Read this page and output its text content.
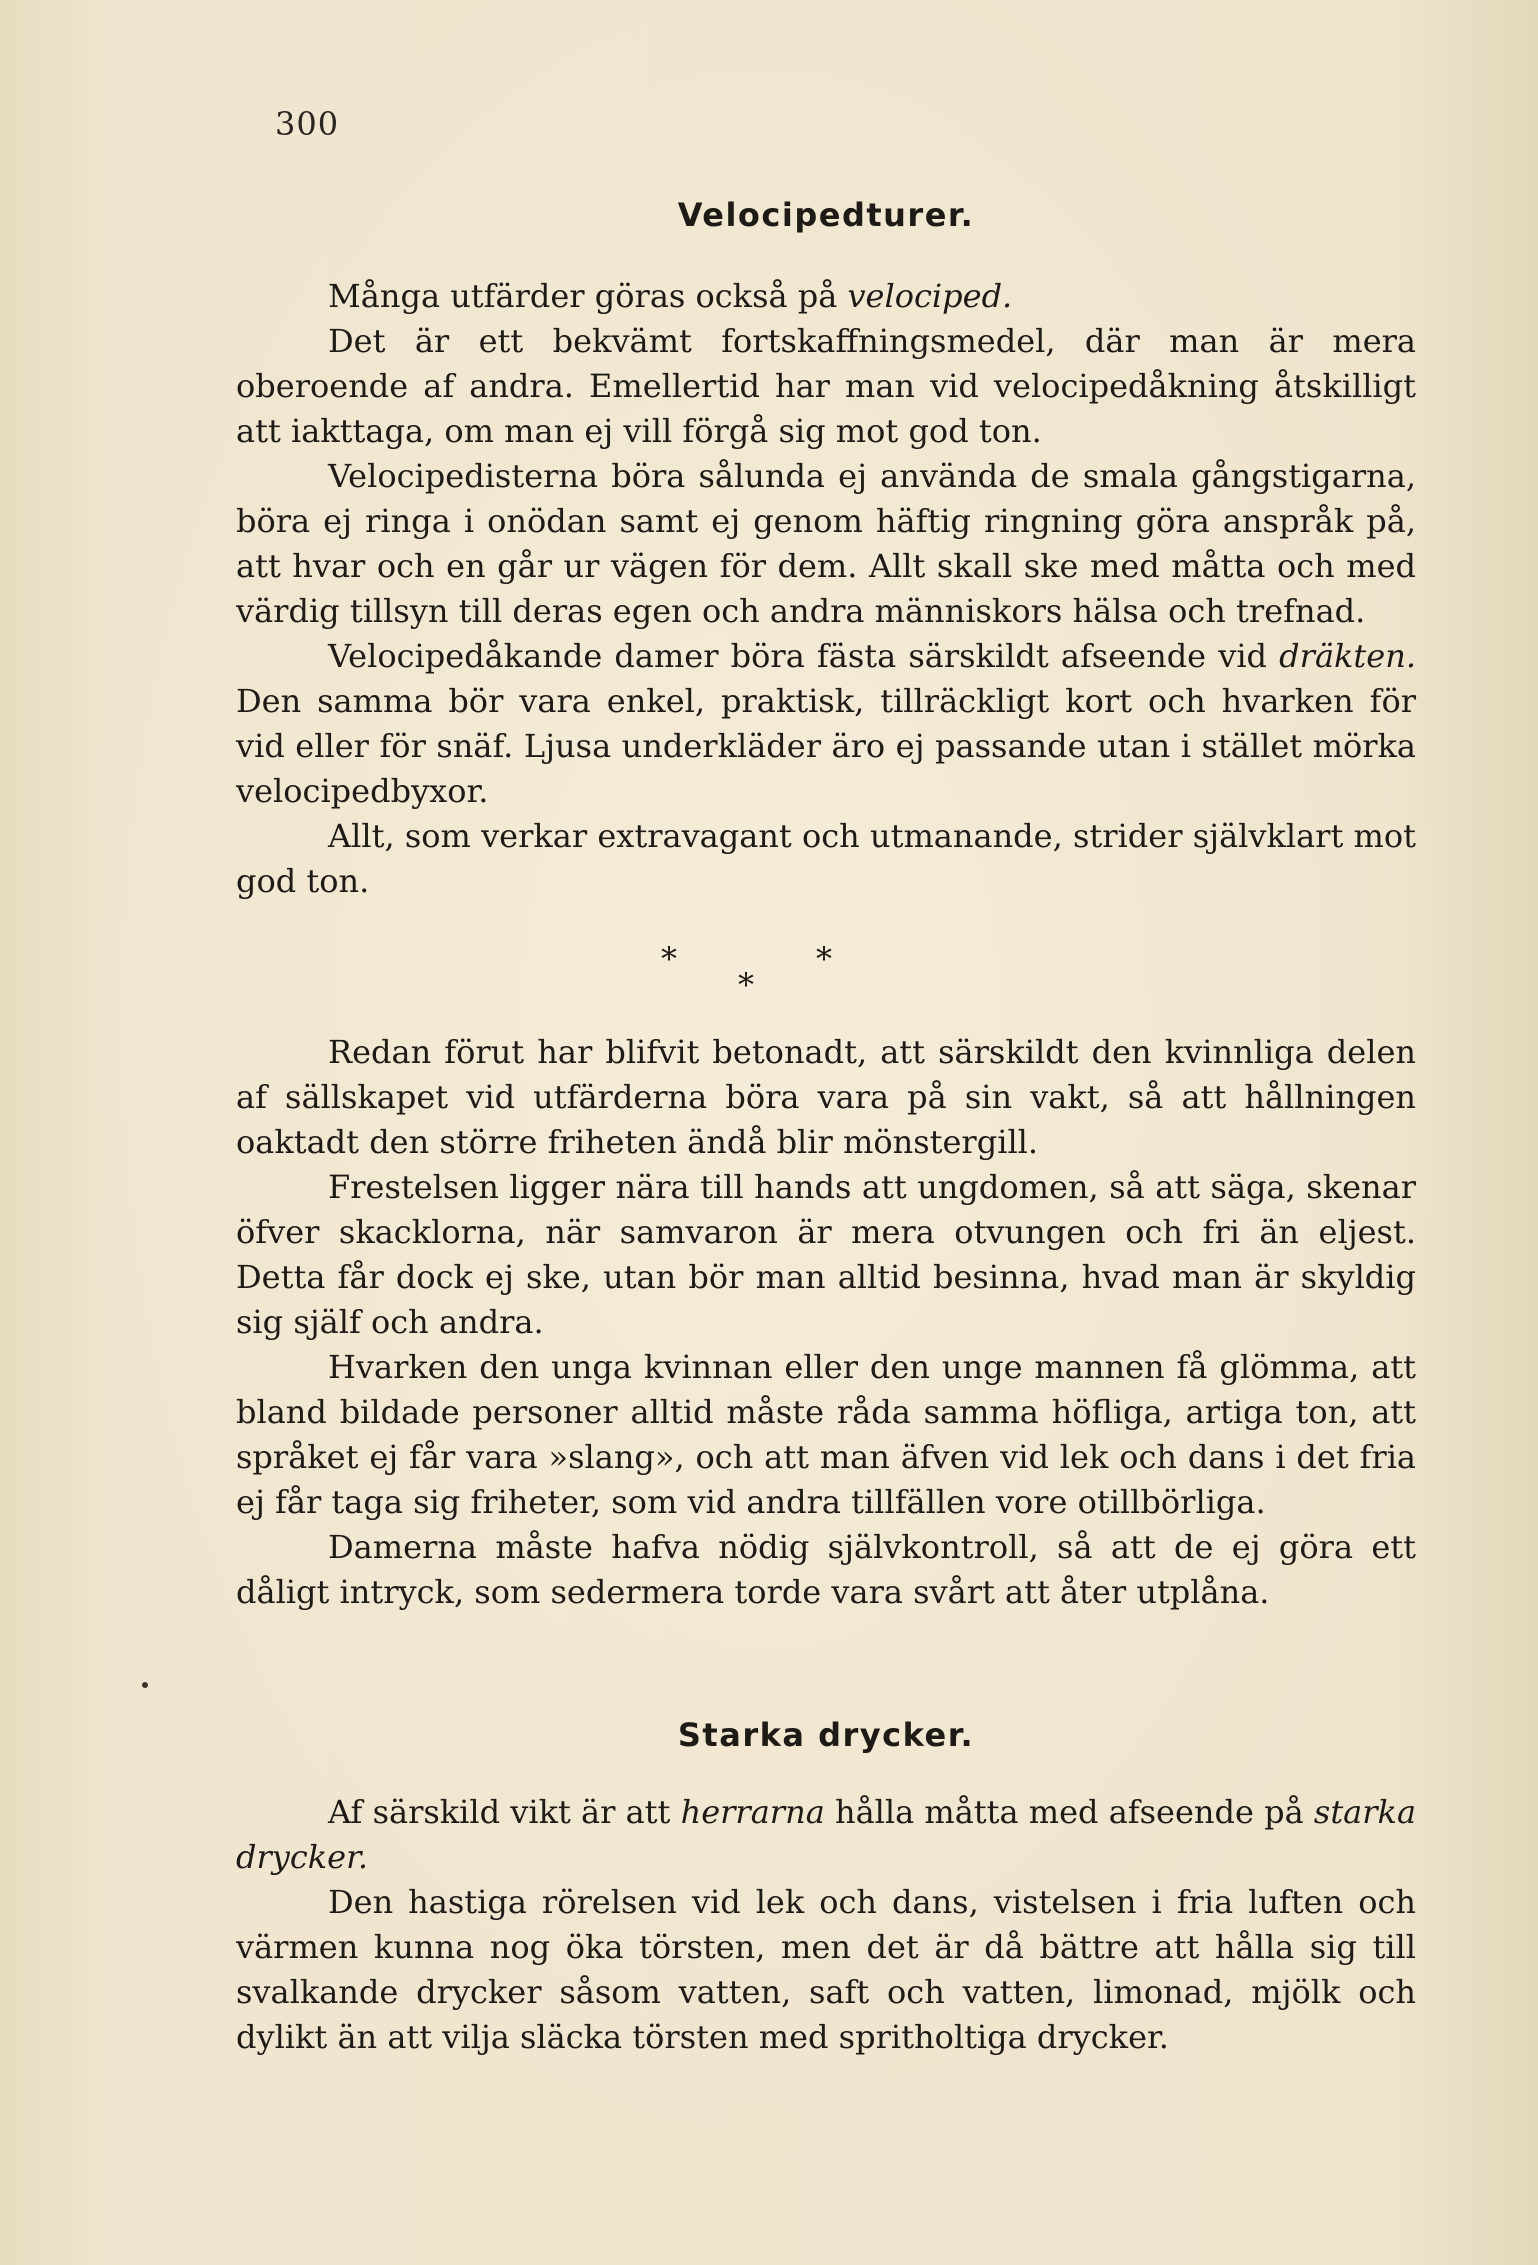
300
Velocipedturer.

Många utfärder göras också på velociped.

Det är ett bekvämt fortskaffningsmedel, där man är mera oberoende af andra. Emellertid har man vid velocipedåkning åtskilligt att iakttaga, om man ej vill förgå sig mot god ton.

Velocipedisterna böra sålunda ej använda de smala gångstigarna, böra ej ringa i onödan samt ej genom häftig ringning göra anspråk på, att hvar och en går ur vägen för dem. Allt skall ske med måtta och med värdig tillsyn till deras egen och andra människors hälsa och trefnad.

Velocipedåkande damer böra fästa särskildt afseende vid dräkten. Den samma bör vara enkel, praktisk, tillräckligt kort och hvarken för vid eller för snäf. Ljusa underkläder äro ej passande utan i stället mörka velocipedbyxor.

Allt, som verkar extravagant och utmanande, strider självklart mot god ton.

*	*
*

Redan förut har blifvit betonadt, att särskildt den kvinnliga delen af sällskapet vid utfärderna böra vara på sin vakt, så att hållningen oaktadt den större friheten ändå blir mönstergill.

Frestelsen ligger nära till hands att ungdomen, så att säga, skenar öfver skacklorna, när samvaron är mera otvungen och fri än eljest. Detta får dock ej ske, utan bör man alltid besinna, hvad man är skyldig sig själf och andra.

Hvarken den unga kvinnan eller den unge mannen få glömma, att bland bildade personer alltid måste råda samma höfliga, artiga ton, att språket ej får vara »slang», och att man äfven vid lek och dans i det fria ej får taga sig friheter, som vid andra tillfällen vore otillbörliga.

Damerna måste hafva nödig självkontroll, så att de ej göra ett dåligt intryck, som sedermera torde vara svårt att åter utplåna.

Starka drycker.

Af särskild vikt är att herrarna hålla måtta med afseende på starka drycker.

Den hastiga rörelsen vid lek och dans, vistelsen i fria luften och värmen kunna nog öka törsten, men det är då bättre att hålla sig till svalkande drycker såsom vatten, saft och vatten, limonad, mjölk och dylikt än att vilja släcka törsten med spritholtiga drycker.
